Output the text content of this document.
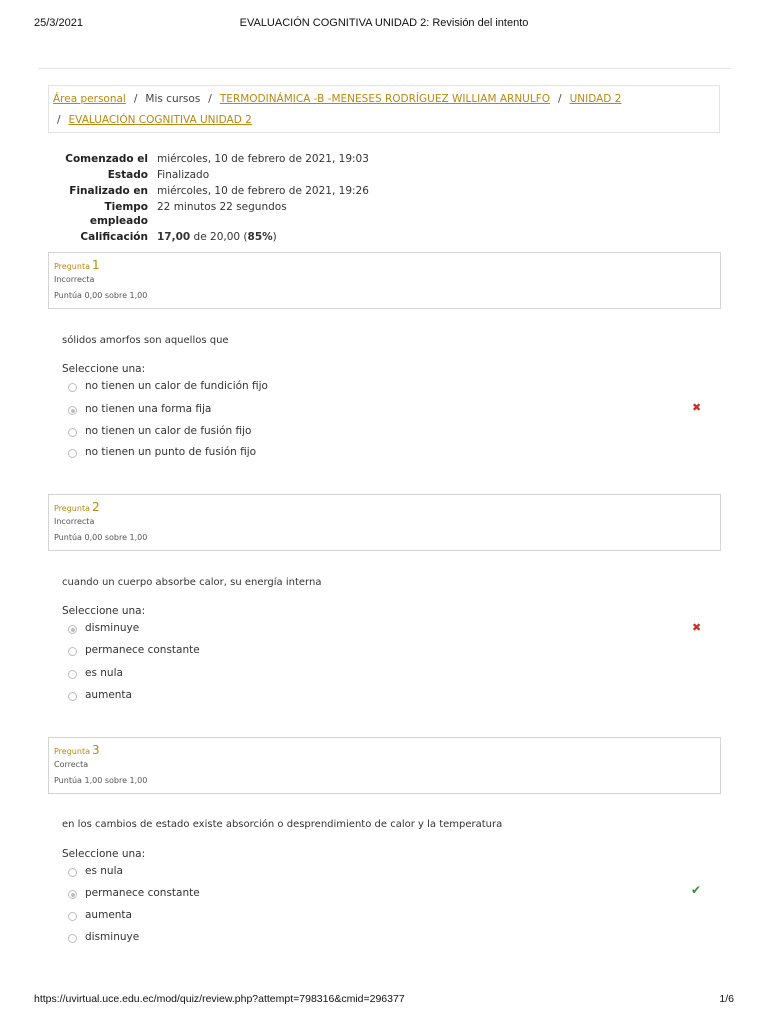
25/3/2021	EVALUACIÓN COGNITIVA UNIDAD 2: Revisión del intento
Área personal / Mis cursos / TERMODINÁMICA -B -MENESES RODRÍGUEZ WILLIAM ARNULFO / UNIDAD 2
/ EVALUACIÓN COGNITIVA UNIDAD 2
Comenzado el	miércoles, 10 de febrero de 2021, 19:03
Estado	Finalizado
Finalizado en	miércoles, 10 de febrero de 2021, 19:26
Tiempo empleado	22 minutos 22 segundos
Calificación	17,00 de 20,00 (85%)
Pregunta 1
Incorrecta
Puntúa 0,00 sobre 1,00
sólidos amorfos son aquellos que
Seleccione una:
no tienen un calor de fundición fijo
no tienen una forma fija
no tienen un calor de fusión fijo
no tienen un punto de fusión fijo
✖
Pregunta 2
Incorrecta
Puntúa 0,00 sobre 1,00
cuando un cuerpo absorbe calor, su energía interna
Seleccione una:
disminuye
permanece constante
es nula
aumenta
✖
Pregunta 3
Correcta
Puntúa 1,00 sobre 1,00
en los cambios de estado existe absorción o desprendimiento de calor y la temperatura
Seleccione una:
es nula
permanece constante
aumenta
disminuye
✔
https://uvirtual.uce.edu.ec/mod/quiz/review.php?attempt=798316&cmid=296377	1/6
